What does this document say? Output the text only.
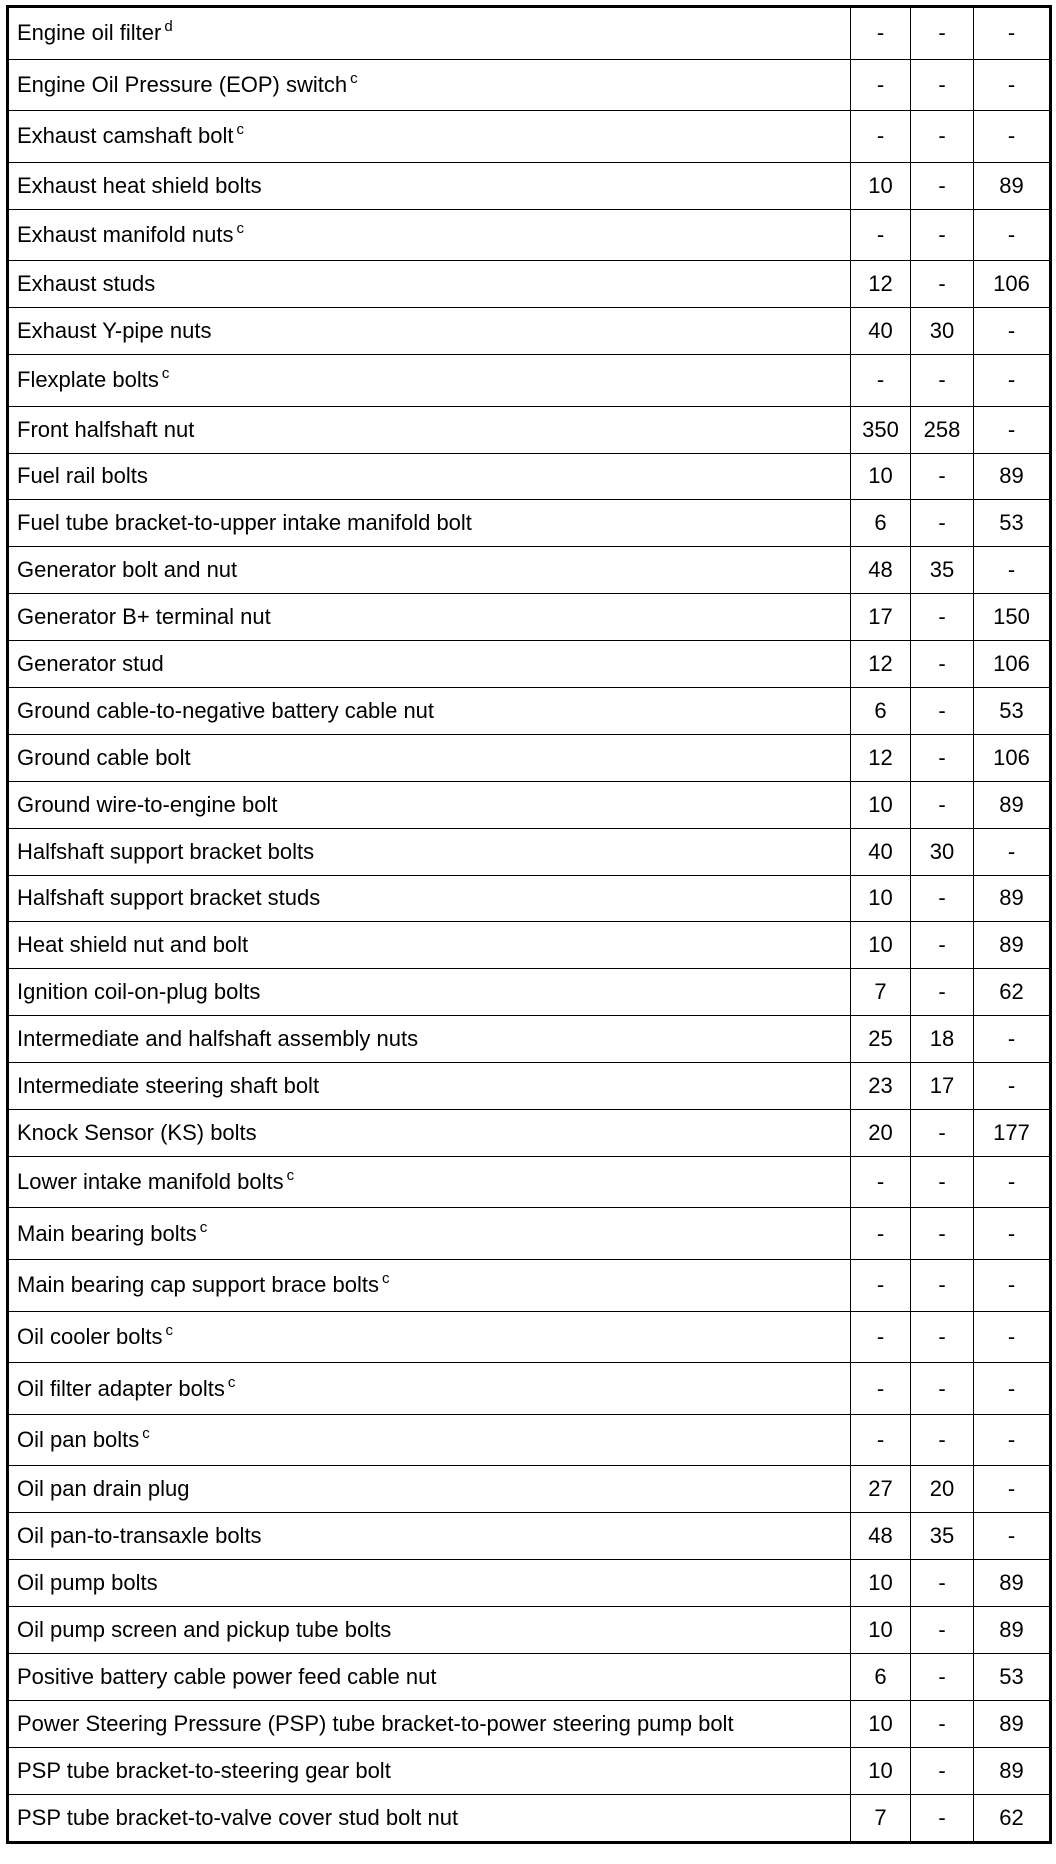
Engine oil filter $^d$	-	-	-
Engine Oil Pressure (EOP) switch $^c$	-	-	-
Exhaust camshaft bolt $^c$	-	-	-
Exhaust heat shield bolts	10	-	89
Exhaust manifold nuts $^c$	-	-	-
Exhaust studs	12	-	106
Exhaust Y-pipe nuts	40	30	-
Flexplate bolts $^c$	-	-	-
Front halfshaft nut	350	258	-
Fuel rail bolts	10	-	89
Fuel tube bracket-to-upper intake manifold bolt	6	-	53
Generator bolt and nut	48	35	-
Generator B+ terminal nut	17	-	150
Generator stud	12	-	106
Ground cable-to-negative battery cable nut	6	-	53
Ground cable bolt	12	-	106
Ground wire-to-engine bolt	10	-	89
Halfshaft support bracket bolts	40	30	-
Halfshaft support bracket studs	10	-	89
Heat shield nut and bolt	10	-	89
Ignition coil-on-plug bolts	7	-	62
Intermediate and halfshaft assembly nuts	25	18	-
Intermediate steering shaft bolt	23	17	-
Knock Sensor (KS) bolts	20	-	177
Lower intake manifold bolts $^c$	-	-	-
Main bearing bolts $^c$	-	-	-
Main bearing cap support brace bolts $^c$	-	-	-
Oil cooler bolts $^c$	-	-	-
Oil filter adapter bolts $^c$	-	-	-
Oil pan bolts $^c$	-	-	-
Oil pan drain plug	27	20	-
Oil pan-to-transaxle bolts	48	35	-
Oil pump bolts	10	-	89
Oil pump screen and pickup tube bolts	10	-	89
Positive battery cable power feed cable nut	6	-	53
Power Steering Pressure (PSP) tube bracket-to-power steering pump bolt	10	-	89
PSP tube bracket-to-steering gear bolt	10	-	89
PSP tube bracket-to-valve cover stud bolt nut	7	-	62
